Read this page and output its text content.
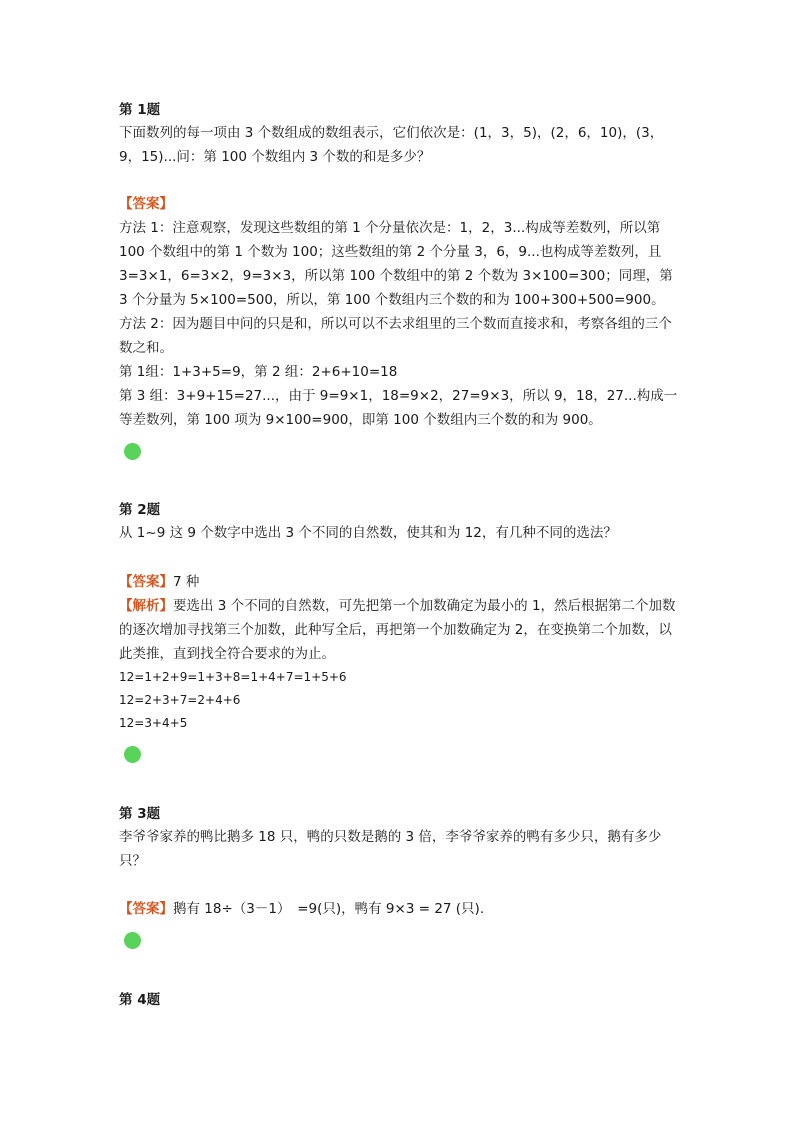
第 1题

下面数列的每一项由 3 个数组成的数组表示，它们依次是：(1，3，5)，(2，6，10)，(3，9，15)...问：第 100 个数组内 3 个数的和是多少？

【答案】

方法 1：注意观察，发现这些数组的第 1 个分量依次是：1，2，3...构成等差数列，所以第 100 个数组中的第 1 个数为 100；这些数组的第 2 个分量 3，6，9...也构成等差数列，且 3=3×1，6=3×2，9=3×3，所以第 100 个数组中的第 2 个数为 3×100=300；同理，第 3 个分量为 5×100=500，所以，第 100 个数组内三个数的和为 100+300+500=900。

方法 2：因为题目中问的只是和，所以可以不去求组里的三个数而直接求和，考察各组的三个数之和。

第 1组：1+3+5=9，第 2 组：2+6+10=18

第 3 组：3+9+15=27...，由于 9=9×1，18=9×2，27=9×3，所以 9，18，27...构成一等差数列，第 100 项为 9×100=900，即第 100 个数组内三个数的和为 900。

第 2题

从 1~9 这 9 个数字中选出 3 个不同的自然数，使其和为 12，有几种不同的选法？

【答案】7 种

【解析】要选出 3 个不同的自然数，可先把第一个加数确定为最小的 1，然后根据第二个加数的逐次增加寻找第三个加数，此种写全后，再把第一个加数确定为 2，在变换第二个加数，以此类推，直到找全符合要求的为止。

12=1+2+9=1+3+8=1+4+7=1+5+6

12=2+3+7=2+4+6

12=3+4+5

第 3题

李爷爷家养的鸭比鹅多 18 只，鸭的只数是鹅的 3 倍，李爷爷家养的鸭有多少只，鹅有多少只？

【答案】鹅有 18÷（3－1）　=9(只)，鸭有 9×3 = 27 (只).

第 4题
